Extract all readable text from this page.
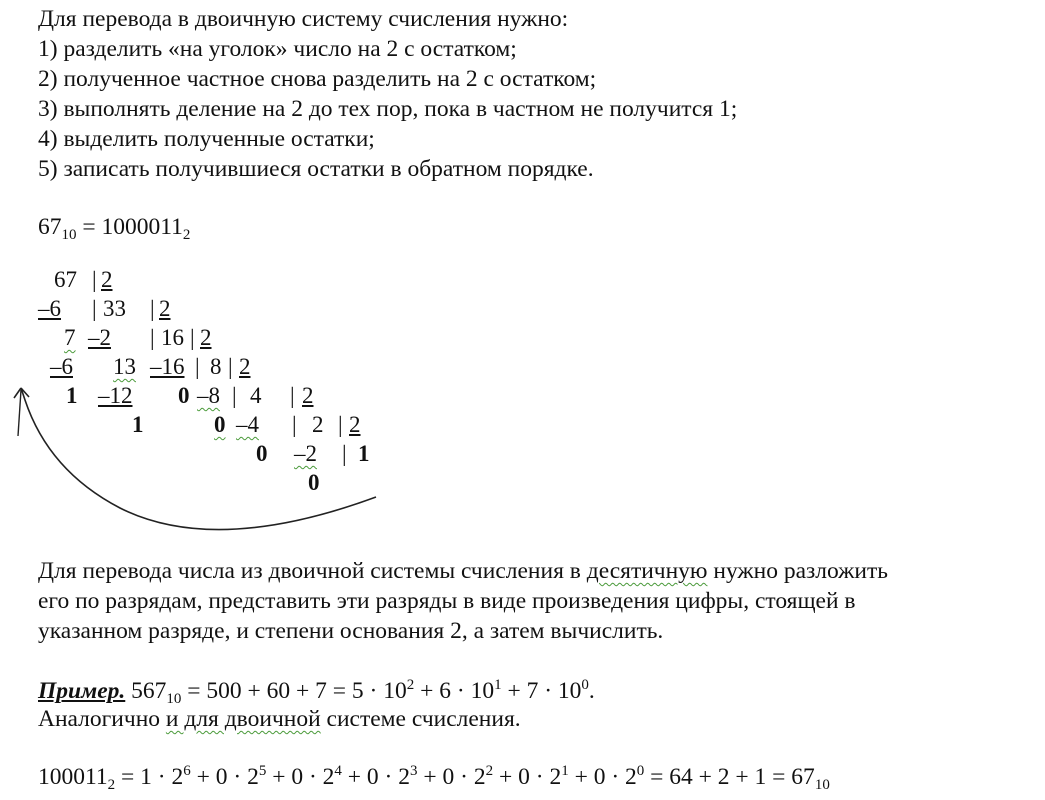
Для перевода в двоичную систему счисления нужно:
1) разделить «на уголок» число на 2 с остатком;
2) полученное частное снова разделить на 2 с остатком;
3) выполнять деление на 2 до тех пор, пока в частном не получится 1;
4) выделить полученные остатки;
5) записать получившиеся остатки в обратном порядке.
$67_{10} = 1000011_2$
67 | 2
–6 | 33 | 2
7 –2 | 16 | 2
–6 13 –16 | 8 | 2
1 –12 0 –8 | 4 | 2
1	0 –4 | 2 | 2
0 –2 | 1
0
Для перевода числа из двоичной системы счисления в десятичную нужно разложить
его по разрядам, представить эти разряды в виде произведения цифры, стоящей в
указанном разряде, и степени основания 2, а затем вычислить.
Пример. $567_{10} = 500 + 60 + 7 = 5 \cdot 10^2 + 6 \cdot 10^1 + 7 \cdot 10^0$.
Аналогично и для двоичной системе счисления.
$100011_2 = 1 \cdot 2^6 + 0 \cdot 2^5 + 0 \cdot 2^4 + 0 \cdot 2^3 + 0 \cdot 2^2 + 0 \cdot 2^1 + 0 \cdot 2^0 = 64 + 2 + 1 = 67_{10}$
